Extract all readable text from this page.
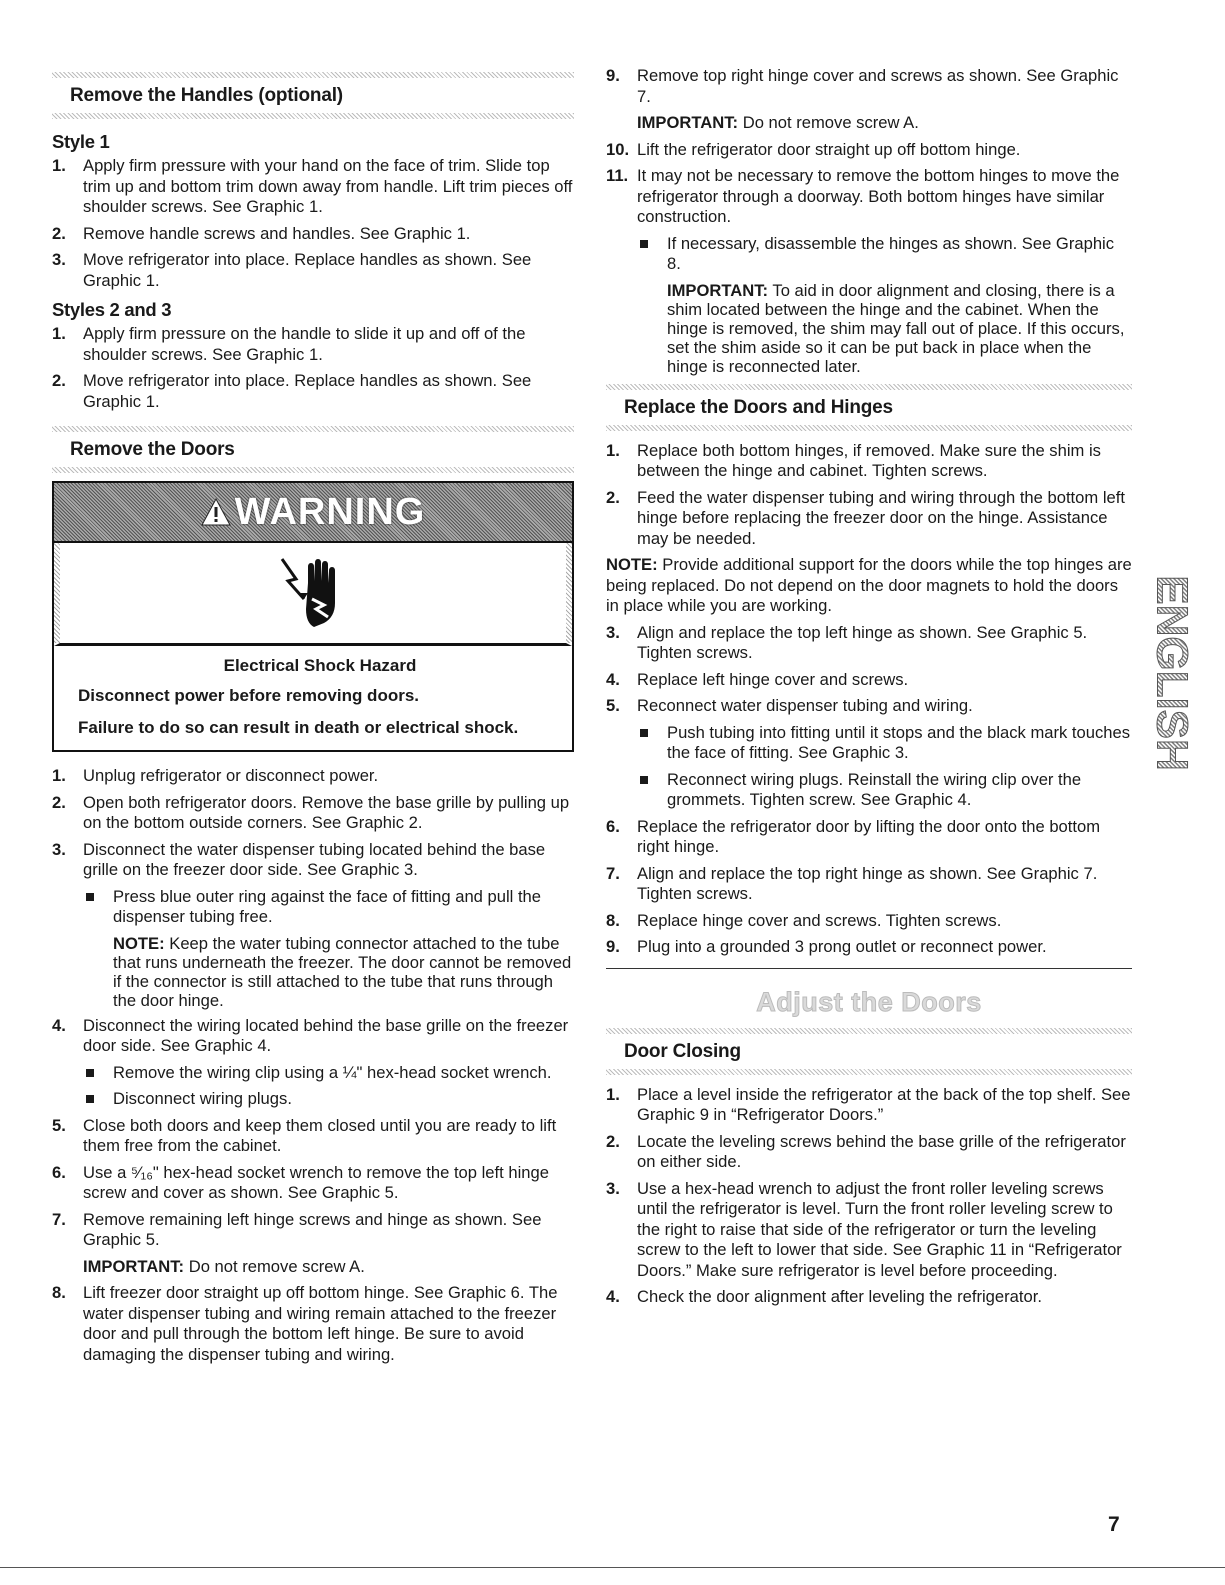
Remove the Handles (optional)
Style 1
1. Apply firm pressure with your hand on the face of trim. Slide top trim up and bottom trim down away from handle. Lift trim pieces off shoulder screws. See Graphic 1.
2. Remove handle screws and handles. See Graphic 1.
3. Move refrigerator into place. Replace handles as shown. See Graphic 1.
Styles 2 and 3
1. Apply firm pressure on the handle to slide it up and off of the shoulder screws. See Graphic 1.
2. Move refrigerator into place. Replace handles as shown. See Graphic 1.
Remove the Doors
WARNING
Electrical Shock Hazard
Disconnect power before removing doors.
Failure to do so can result in death or electrical shock.
1. Unplug refrigerator or disconnect power.
2. Open both refrigerator doors. Remove the base grille by pulling up on the bottom outside corners. See Graphic 2.
3. Disconnect the water dispenser tubing located behind the base grille on the freezer door side. See Graphic 3.
Press blue outer ring against the face of fitting and pull the dispenser tubing free.
NOTE: Keep the water tubing connector attached to the tube that runs underneath the freezer. The door cannot be removed if the connector is still attached to the tube that runs through the door hinge.
4. Disconnect the wiring located behind the base grille on the freezer door side. See Graphic 4.
Remove the wiring clip using a ¼" hex-head socket wrench.
Disconnect wiring plugs.
5. Close both doors and keep them closed until you are ready to lift them free from the cabinet.
6. Use a ⁵⁄₁₆" hex-head socket wrench to remove the top left hinge screw and cover as shown. See Graphic 5.
7. Remove remaining left hinge screws and hinge as shown. See Graphic 5.
IMPORTANT: Do not remove screw A.
8. Lift freezer door straight up off bottom hinge. See Graphic 6. The water dispenser tubing and wiring remain attached to the freezer door and pull through the bottom left hinge. Be sure to avoid damaging the dispenser tubing and wiring.
9. Remove top right hinge cover and screws as shown. See Graphic 7.
IMPORTANT: Do not remove screw A.
10. Lift the refrigerator door straight up off bottom hinge.
11. It may not be necessary to remove the bottom hinges to move the refrigerator through a doorway. Both bottom hinges have similar construction.
If necessary, disassemble the hinges as shown. See Graphic 8.
IMPORTANT: To aid in door alignment and closing, there is a shim located between the hinge and the cabinet. When the hinge is removed, the shim may fall out of place. If this occurs, set the shim aside so it can be put back in place when the hinge is reconnected later.
Replace the Doors and Hinges
1. Replace both bottom hinges, if removed. Make sure the shim is between the hinge and cabinet. Tighten screws.
2. Feed the water dispenser tubing and wiring through the bottom left hinge before replacing the freezer door on the hinge. Assistance may be needed.
NOTE: Provide additional support for the doors while the top hinges are being replaced. Do not depend on the door magnets to hold the doors in place while you are working.
3. Align and replace the top left hinge as shown. See Graphic 5. Tighten screws.
4. Replace left hinge cover and screws.
5. Reconnect water dispenser tubing and wiring.
Push tubing into fitting until it stops and the black mark touches the face of fitting. See Graphic 3.
Reconnect wiring plugs. Reinstall the wiring clip over the grommets. Tighten screw. See Graphic 4.
6. Replace the refrigerator door by lifting the door onto the bottom right hinge.
7. Align and replace the top right hinge as shown. See Graphic 7. Tighten screws.
8. Replace hinge cover and screws. Tighten screws.
9. Plug into a grounded 3 prong outlet or reconnect power.
Adjust the Doors
Door Closing
1. Place a level inside the refrigerator at the back of the top shelf. See Graphic 9 in “Refrigerator Doors.”
2. Locate the leveling screws behind the base grille of the refrigerator on either side.
3. Use a hex-head wrench to adjust the front roller leveling screws until the refrigerator is level. Turn the front roller leveling screw to the right to raise that side of the refrigerator or turn the leveling screw to the left to lower that side. See Graphic 11 in “Refrigerator Doors.” Make sure refrigerator is level before proceeding.
4. Check the door alignment after leveling the refrigerator.
ENGLISH
7
